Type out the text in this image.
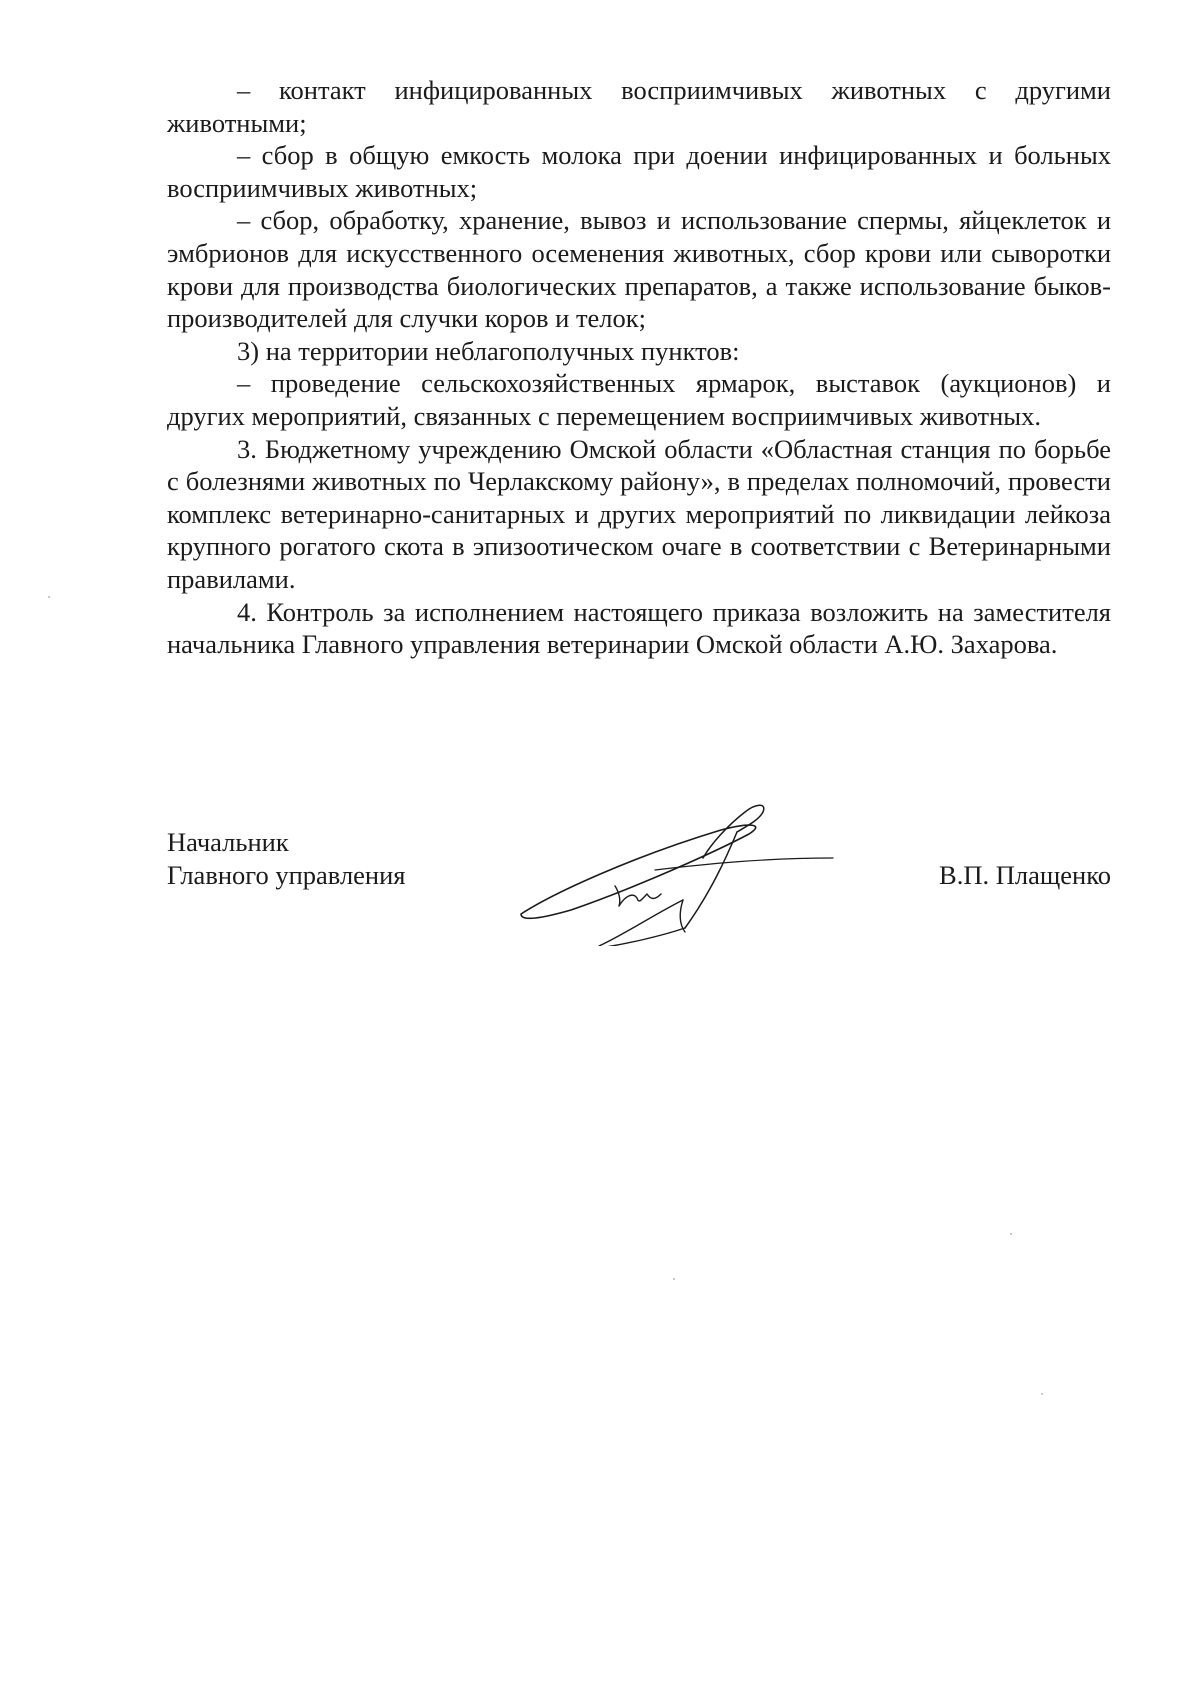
– контакт инфицированных восприимчивых животных с другими животными;

– сбор в общую емкость молока при доении инфицированных и больных восприимчивых животных;

– сбор, обработку, хранение, вывоз и использование спермы, яйцеклеток и эмбрионов для искусственного осеменения животных, сбор крови или сыворотки крови для производства биологических препаратов, а также использование быков-производителей для случки коров и телок;

3) на территории неблагополучных пунктов:

– проведение сельскохозяйственных ярмарок, выставок (аукционов) и других мероприятий, связанных с перемещением восприимчивых животных.

3. Бюджетному учреждению Омской области «Областная станция по борьбе с болезнями животных по Черлакскому району», в пределах полномочий, провести комплекс ветеринарно-санитарных и других мероприятий по ликвидации лейкоза крупного рогатого скота в эпизоотическом очаге в соответствии с Ветеринарными правилами.

4. Контроль за исполнением настоящего приказа возложить на заместителя начальника Главного управления ветеринарии Омской области А.Ю. Захарова.

Начальник
Главного управления	В.П. Плащенко
